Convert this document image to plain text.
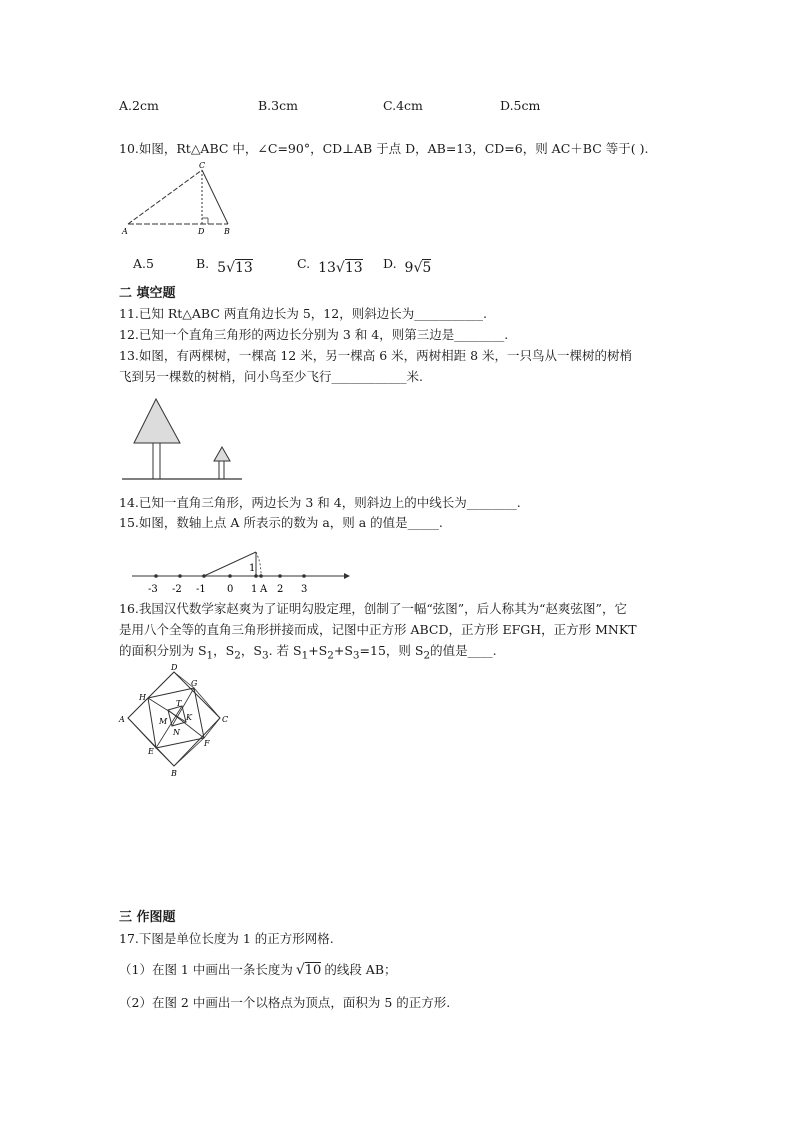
A.2cm	B.3cm	C.4cm	D.5cm
10.如图，Rt△ABC 中，∠C=90°，CD⊥AB 于点 D，AB=13，CD=6，则 AC＋BC 等于( ).
C
A	D B
A.5	B. 5√13	C. 13√13 D. 9√5
二 填空题
11.已知 Rt△ABC 两直角边长为 5，12，则斜边长为___________.
12.已知一个直角三角形的两边长分别为 3 和 4，则第三边是________.
13.如图，有两棵树，一棵高 12 米，另一棵高 6 米，两树相距 8 米，一只鸟从一棵树的树梢
飞到另一棵数的树梢，问小鸟至少飞行____________米.
14.已知一直角三角形，两边长为 3 和 4，则斜边上的中线长为________.
15.如图，数轴上点 A 所表示的数为 a，则 a 的值是_____.
1
-3 -2 -1 0 1 A 2 3
16.我国汉代数学家赵爽为了证明勾股定理，创制了一幅“弦图”，后人称其为“赵爽弦图”，它
是用八个全等的直角三角形拼接而成，记图中正方形 ABCD，正方形 EFGH，正方形 MNKT
的面积分别为 $S_1$，$S_2$，$S_3$. 若 $S_1+S_2+S_3=15$，则 $S_2$的值是____.
D
H
G
A	C
T
M K
N
E
F
B
三 作图题
17.下图是单位长度为 1 的正方形网格.
（1）在图 1 中画出一条长度为 √10 的线段 AB；
（2）在图 2 中画出一个以格点为顶点，面积为 5 的正方形.
